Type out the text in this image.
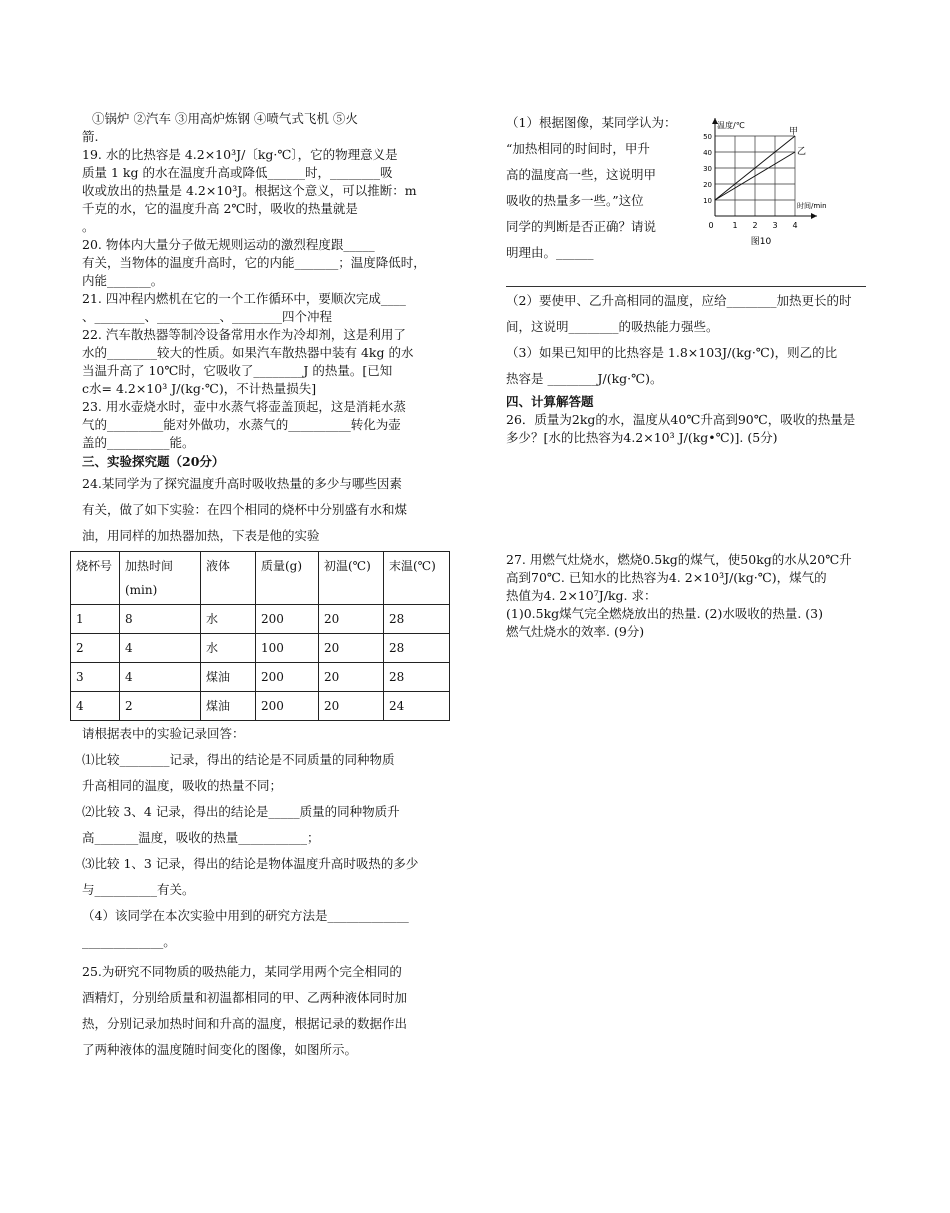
①锅炉 ②汽车 ③用高炉炼钢 ④喷气式飞机 ⑤火

箭.

19. 水的比热容是 4.2×10³J/〔kg·℃〕，它的物理意义是

质量 1 kg 的水在温度升高或降低______时，________吸

收或放出的热量是 4.2×10³J。根据这个意义，可以推断：m

千克的水，它的温度升高 2℃时，吸收的热量就是

。

20. 物体内大量分子做无规则运动的激烈程度跟_____

有关，当物体的温度升高时，它的内能_______；温度降低时，

内能_______。

21. 四冲程内燃机在它的一个工作循环中，要顺次完成____

、________、__________、________四个冲程

22. 汽车散热器等制冷设备常用水作为冷却剂，这是利用了

水的________较大的性质。如果汽车散热器中装有 4kg 的水

当温升高了 10℃时，它吸收了________J 的热量。[已知

c水= 4.2×10³ J/(kg·℃)，不计热量损失]

23. 用水壶烧水时，壶中水蒸气将壶盖顶起，这是消耗水蒸

气的_________能对外做功，水蒸气的__________转化为壶

盖的__________能。

三、实验探究题（20分）

24.某同学为了探究温度升高时吸收热量的多少与哪些因素

有关，做了如下实验：在四个相同的烧杯中分别盛有水和煤

油，用同样的加热器加热，下表是他的实验

烧杯号	加热时间(min)	液体	质量(g)	初温(℃)	末温(℃)
1	8	水	200	20	28
2	4	水	100	20	28
3	4	煤油	200	20	28
4	2	煤油	200	20	24

请根据表中的实验记录回答：

⑴比较________记录，得出的结论是不同质量的同种物质

升高相同的温度，吸收的热量不同；

⑵比较 3、4 记录，得出的结论是_____质量的同种物质升

高_______温度，吸收的热量___________；

⑶比较 1、3 记录，得出的结论是物体温度升高时吸热的多少

与__________有关。

（4）该同学在本次实验中用到的研究方法是_____________

_____________。

25.为研究不同物质的吸热能力，某同学用两个完全相同的

酒精灯，分别给质量和初温都相同的甲、乙两种液体同时加

热，分别记录加热时间和升高的温度，根据记录的数据作出

了两种液体的温度随时间变化的图像，如图所示。

（1）根据图像，某同学认为：

“加热相同的时间时，甲升

高的温度高一些，这说明甲

吸收的热量多一些。”这位

同学的判断是否正确？请说

明理由。______

（2）要使甲、乙升高相同的温度，应给________加热更长的时

间，这说明________的吸热能力强些。

（3）如果已知甲的比热容是 1.8×103J/(kg·℃)，则乙的比

热容是 ________J/(kg·℃)。

四、计算解答题

26．质量为2kg的水，温度从40℃升高到90℃，吸收的热量是

多少？[水的比热容为4.2×10³ J/(kg•℃)]. (5分)

27. 用燃气灶烧水，燃烧0.5kg的煤气，使50kg的水从20℃升

高到70℃. 已知水的比热容为4. 2×10³J/(kg·℃)，煤气的

热值为4. 2×10⁷J/kg. 求：

(1)0.5kg煤气完全燃烧放出的热量. (2)水吸收的热量. (3)

燃气灶烧水的效率. (9分)

0 1 2 3 4
10
20
30
40
50
温度/℃
时间/min
图10
甲
乙
